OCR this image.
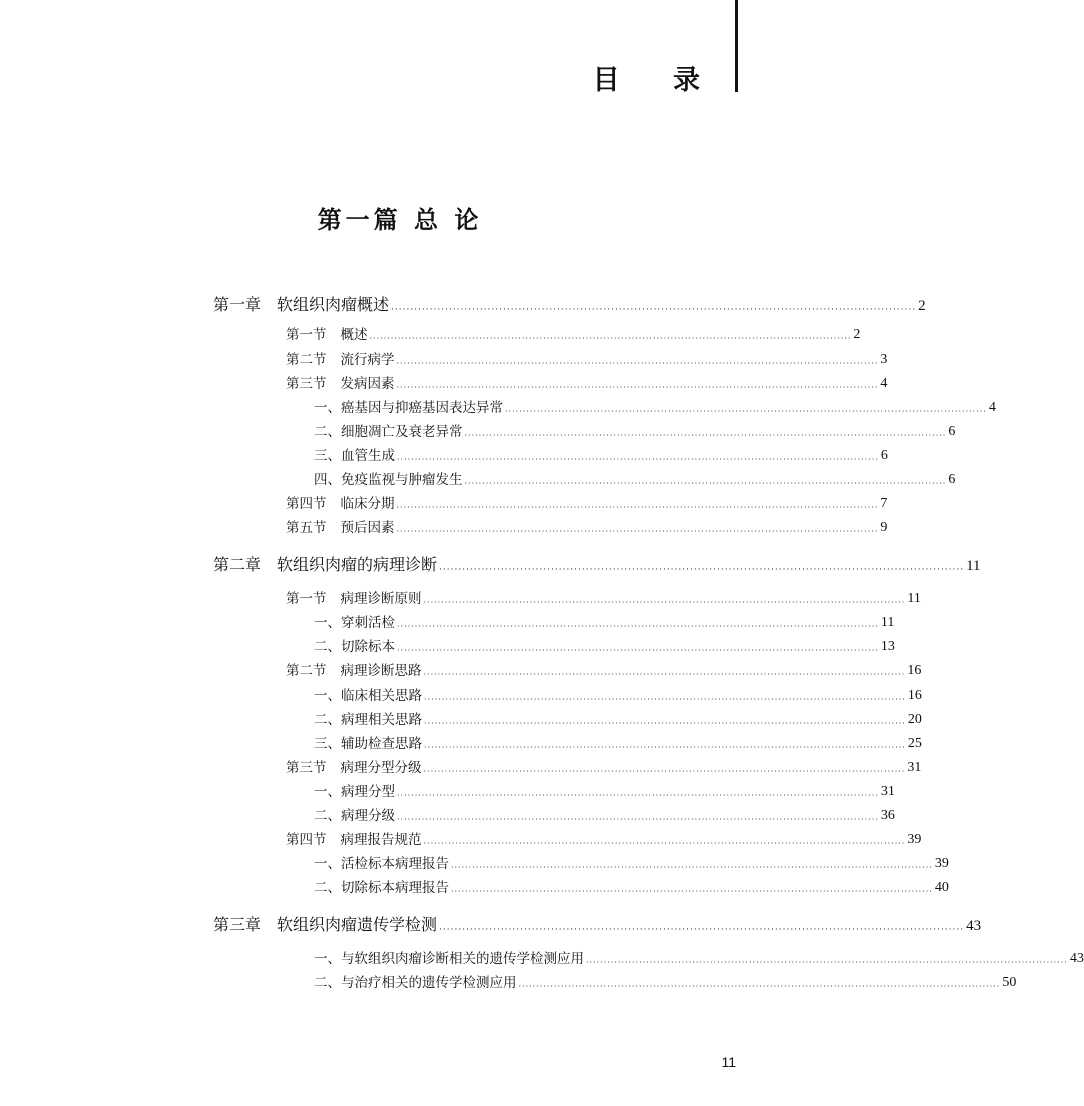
目 录
第一篇 总 论
第一章 软组织肉瘤概述 ········································································································································ 2
第一节 概述 ········································································································································ 2
第二节 流行病学 ········································································································································ 3
第三节 发病因素 ········································································································································ 4
一、癌基因与抑癌基因表达异常 ········································································································································ 4
二、细胞凋亡及衰老异常 ········································································································································ 6
三、血管生成 ········································································································································ 6
四、免疫监视与肿瘤发生 ········································································································································ 6
第四节 临床分期 ········································································································································ 7
第五节 预后因素 ········································································································································ 9
第二章 软组织肉瘤的病理诊断 ········································································································································ 11
第一节 病理诊断原则 ········································································································································ 11
一、穿刺活检 ········································································································································ 11
二、切除标本 ········································································································································ 13
第二节 病理诊断思路 ········································································································································ 16
一、临床相关思路 ········································································································································ 16
二、病理相关思路 ········································································································································ 20
三、辅助检查思路 ········································································································································ 25
第三节 病理分型分级 ········································································································································ 31
一、病理分型 ········································································································································ 31
二、病理分级 ········································································································································ 36
第四节 病理报告规范 ········································································································································ 39
一、活检标本病理报告 ········································································································································ 39
二、切除标本病理报告 ········································································································································ 40
第三章 软组织肉瘤遗传学检测 ········································································································································ 43
一、与软组织肉瘤诊断相关的遗传学检测应用 ········································································································································ 43
二、与治疗相关的遗传学检测应用 ········································································································································ 50
11
